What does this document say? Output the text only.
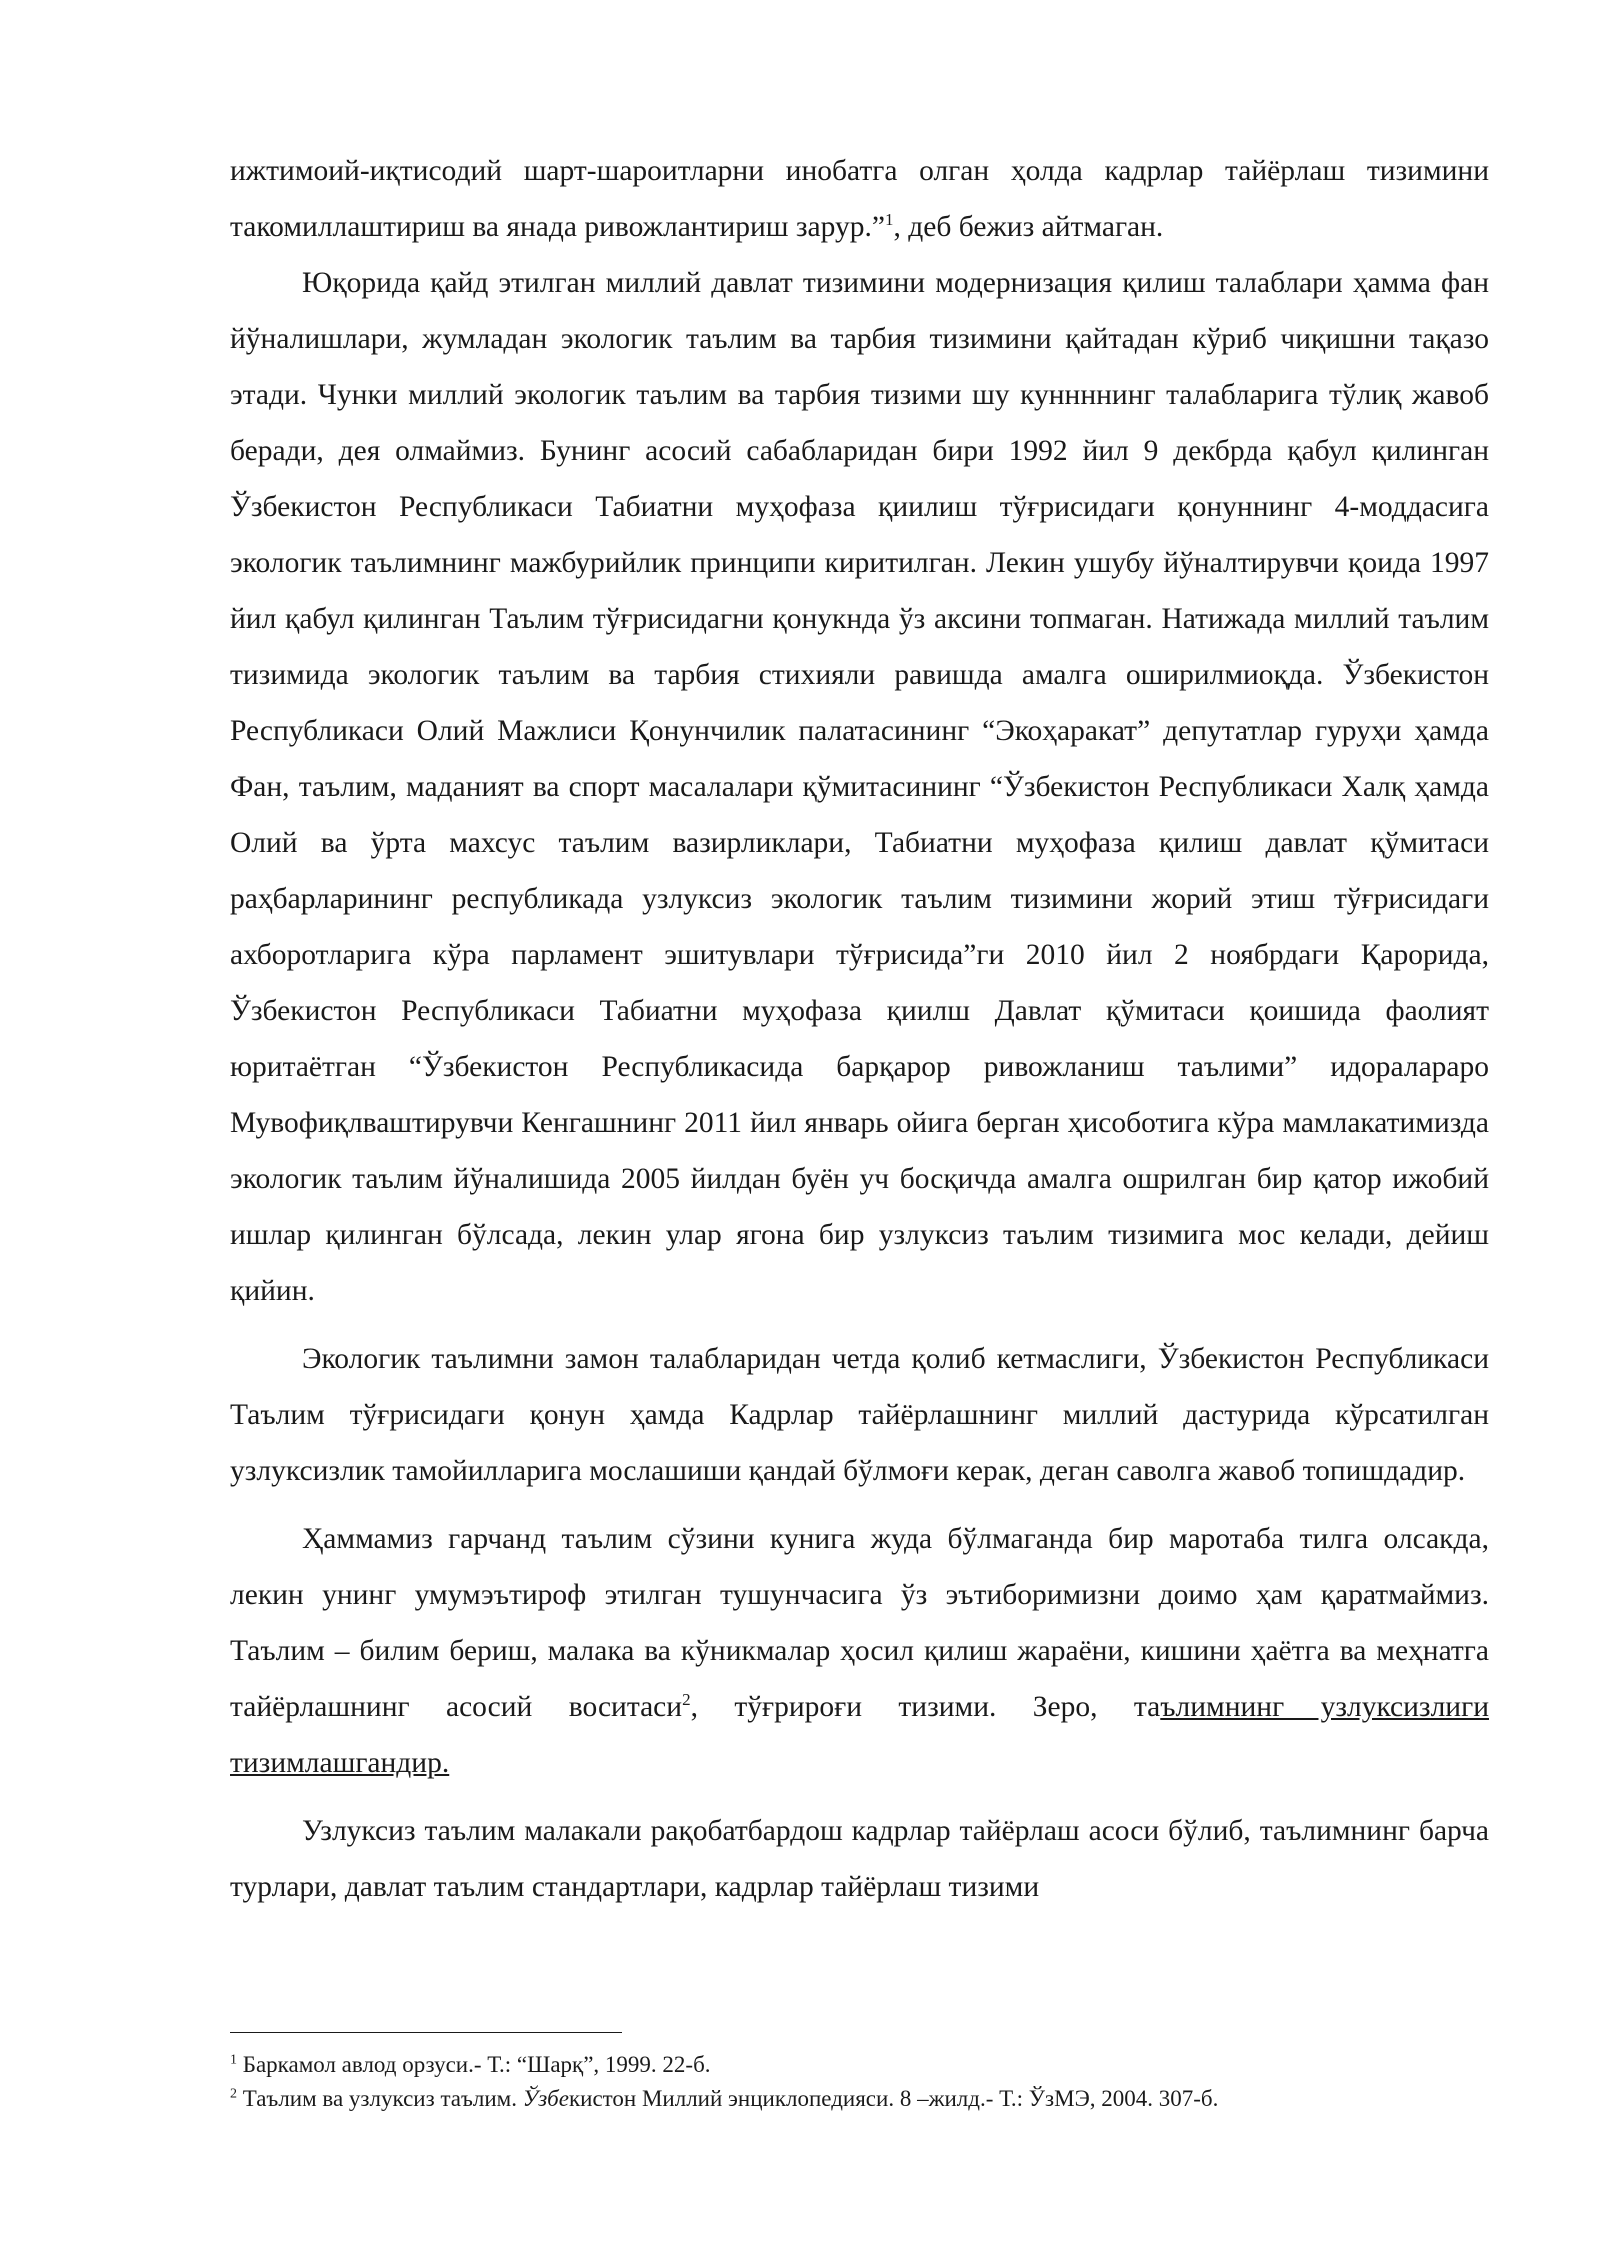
ижтимоий-иқтисодий шарт-шароитларни инобатга олган ҳолда кадрлар тайёрлаш тизимини такомиллаштириш ва янада ривожлантириш зарур.”$^1$, деб бежиз айтмаган.

Юқорида қайд этилган миллий давлат тизимини модернизация қилиш талаблари ҳамма фан йўналишлари, жумладан экологик таълим ва тарбия тизимини қайтадан кўриб чиқишни тақазо этади. Чунки миллий экологик таълим ва тарбия тизими шу куннннинг талабларига тўлиқ жавоб беради, дея олмаймиз. Бунинг асосий сабабларидан бири 1992 йил 9 декбрда қабул қилинган Ўзбекистон Республикаси Табиатни муҳофаза қиилиш тўғрисидаги қонуннинг 4-моддасига экологик таълимнинг мажбурийлик принципи киритилган. Лекин ушубу йўналтирувчи қоида 1997 йил қабул қилинган Таълим тўғрисидагни қонукнда ўз аксини топмаган. Натижада миллий таълим тизимида экологик таълим ва тарбия стихияли равишда амалга оширилмиоқда. Ўзбекистон Республикаси Олий Мажлиси Қонунчилик палатасининг “Экоҳаракат” депутатлар гуруҳи ҳамда Фан, таълим, маданият ва спорт масалалари қўмитасининг “Ўзбекистон Республикаси Халқ ҳамда Олий ва ўрта махсус таълим вазирликлари, Табиатни муҳофаза қилиш давлат қўмитаси раҳбарларининг республикада узлуксиз экологик таълим тизимини жорий этиш тўғрисидаги ахборотларига кўра парламент эшитувлари тўғрисида”ги 2010 йил 2 ноябрдаги Қарорида, Ўзбекистон Республикаси Табиатни муҳофаза қиилш Давлат қўмитаси қоишида фаолият юритаётган “Ўзбекистон Республикасида барқарор ривожланиш таълими” идоралараро Мувофиқлваштирувчи Кенгашнинг 2011 йил январь ойига берган ҳисоботига кўра мамлакатимизда экологик таълим йўналишида 2005 йилдан буён уч босқичда амалга ошрилган бир қатор ижобий ишлар қилинган бўлсада, лекин улар ягона бир узлуксиз таълим тизимига мос келади, дейиш қийин.

Экологик таълимни замон талабларидан четда қолиб кетмаслиги, Ўзбекистон Республикаси Таълим тўғрисидаги қонун ҳамда Кадрлар тайёрлашнинг миллий дастурида кўрсатилган узлуксизлик тамойилларига мослашиши қандай бўлмоғи керак, деган саволга жавоб топишдадир.

Ҳаммамиз гарчанд таълим сўзини кунига жуда бўлмаганда бир маротаба тилга олсакда, лекин унинг умумэътироф этилган тушунчасига ўз эътиборимизни доимо ҳам қаратмаймиз. Таълим – билим бериш, малака ва кўникмалар ҳосил қилиш жараёни, кишини ҳаётга ва меҳнатга тайёрлашнинг асосий воситаси$^2$, тўғрироғи тизими. Зеро, таълимнинг узлуксизлиги тизимлашгандир.

Узлуксиз таълим малакали рақобатбардош кадрлар тайёрлаш асоси бўлиб, таълимнинг барча турлари, давлат таълим стандартлари, кадрлар тайёрлаш тизими

$^1$ Баркамол авлод орзуси.- Т.: “Шарқ”, 1999. 22-б.

$^2$ Таълим ва узлуксиз таълим. Ўзбекистон Миллий энциклопедияси. 8 –жилд.- Т.: ЎзМЭ, 2004. 307-б.
